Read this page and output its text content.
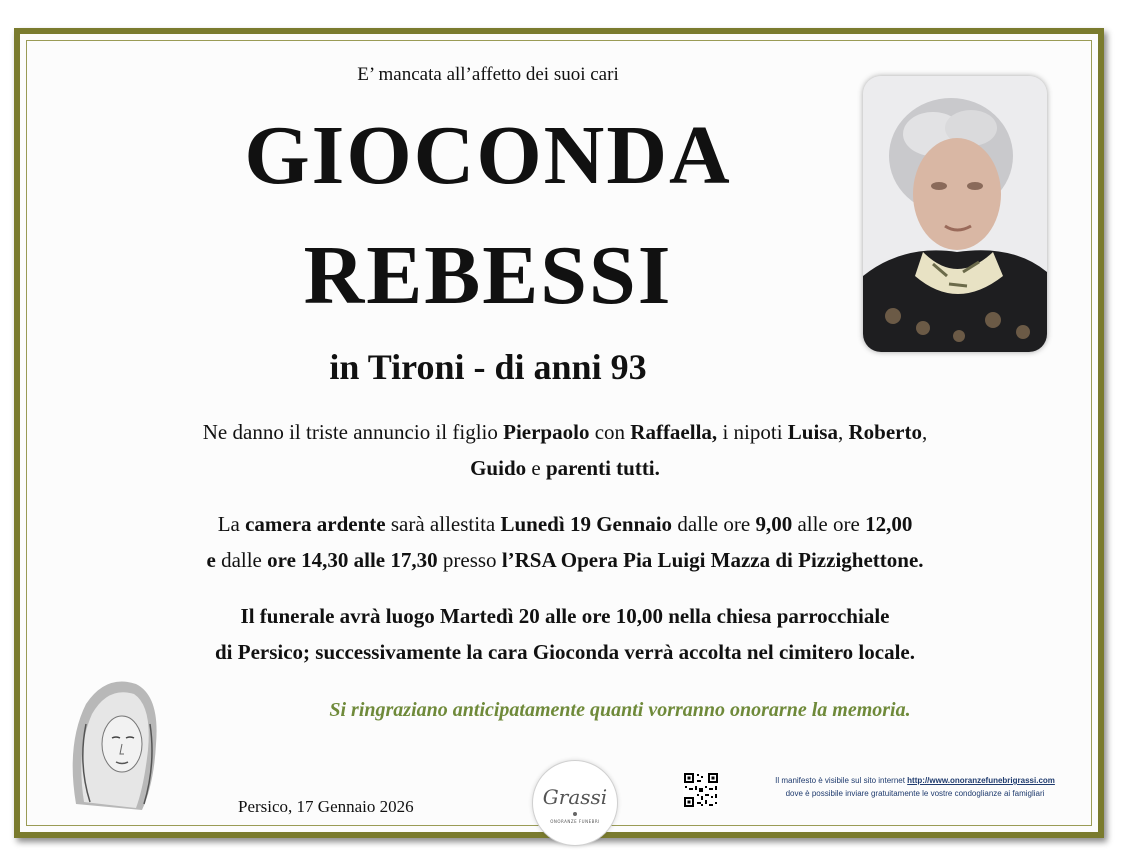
E’ mancata all’affetto dei suoi cari
GIOCONDA
REBESSI
in Tironi - di anni 93
Ne danno il triste annuncio il figlio Pierpaolo con Raffaella, i nipoti Luisa, Roberto,
Guido e parenti tutti.
La camera ardente sarà allestita Lunedì 19 Gennaio dalle ore 9,00 alle ore 12,00
e dalle ore 14,30 alle 17,30 presso l’RSA Opera Pia Luigi Mazza di Pizzighettone.
Il funerale avrà luogo Martedì 20 alle ore 10,00 nella chiesa parrocchiale
di Persico; successivamente la cara Gioconda verrà accolta nel cimitero locale.
Si ringraziano anticipatamente quanti vorranno onorarne la memoria.
Persico, 17 Gennaio 2026	Grassi
ONORANZE FUNEBRI
Il manifesto è visibile sul sito internet http://www.onoranzefunebrigrassi.com
dove è possibile inviare gratuitamente le vostre condoglianze ai famigliari
